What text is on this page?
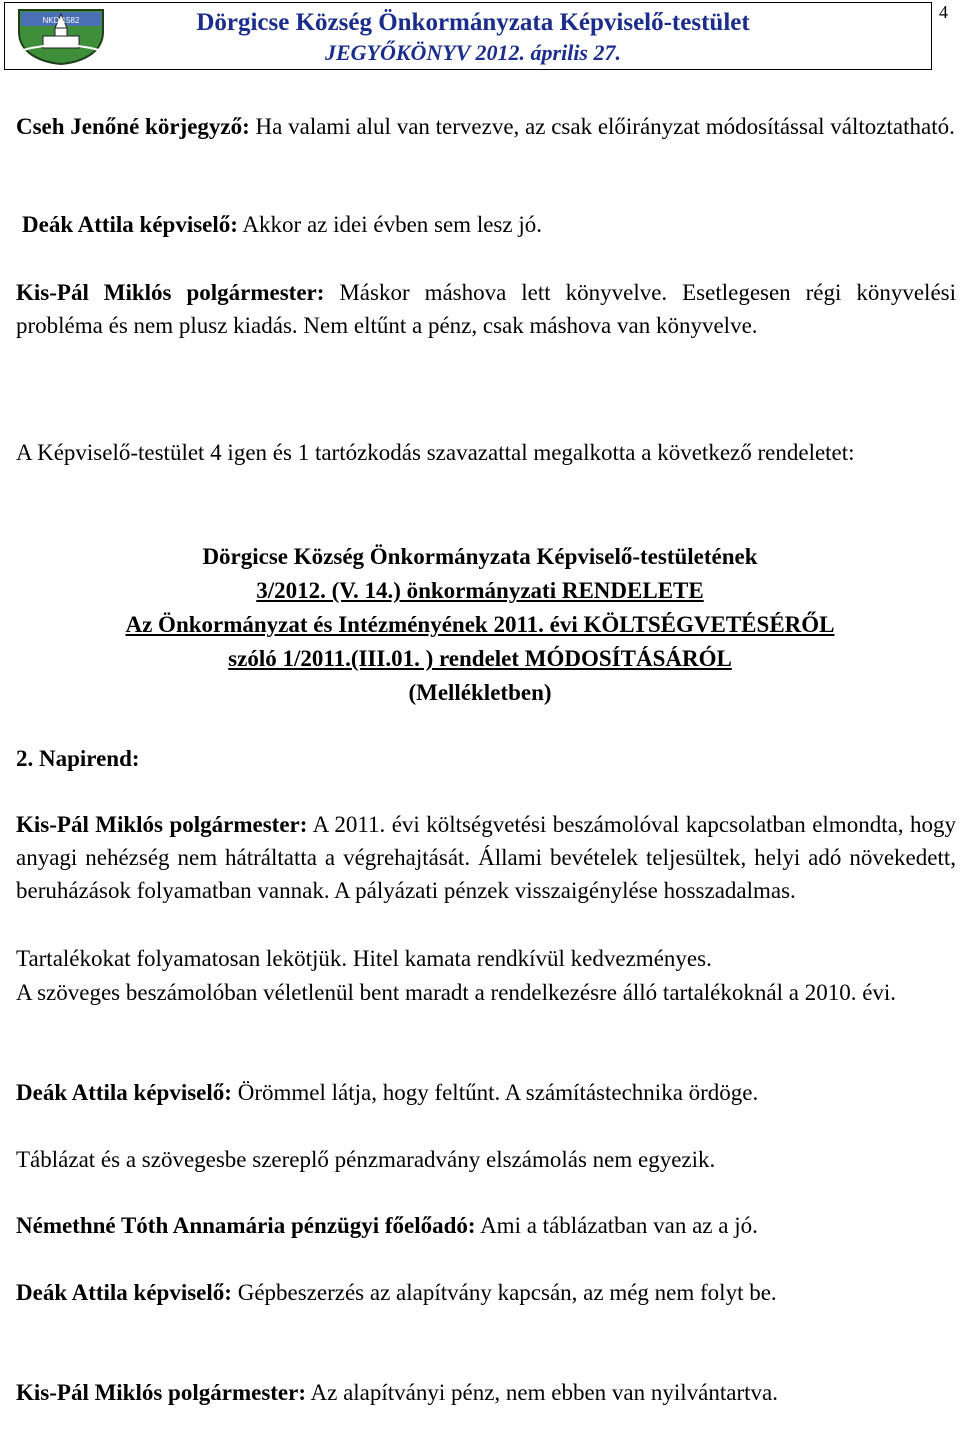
NKD 1582	Dörgicse Község Önkormányzata Képviselő-testület
JEGYŐKÖNYV 2012. április 27.
4

Cseh Jenőné körjegyző: Ha valami alul van tervezve, az csak előirányzat módosítással változtatható.

Deák Attila képviselő: Akkor az idei évben sem lesz jó.

Kis-Pál Miklós polgármester: Máskor máshova lett könyvelve. Esetlegesen régi könyvelési probléma és nem plusz kiadás. Nem eltűnt a pénz, csak máshova van könyvelve.

A Képviselő-testület 4 igen és 1 tartózkodás szavazattal megalkotta a következő rendeletet:

Dörgicse Község Önkormányzata Képviselő-testületének
3/2012. (V. 14.) önkormányzati RENDELETE
Az Önkormányzat és Intézményének 2011. évi KÖLTSÉGVETÉSÉRŐL
szóló 1/2011.(III.01. ) rendelet MÓDOSÍTÁSÁRÓL
(Mellékletben)
2. Napirend:

Kis-Pál Miklós polgármester: A 2011. évi költségvetési beszámolóval kapcsolatban elmondta, hogy anyagi nehézség nem hátráltatta a végrehajtását. Állami bevételek teljesültek, helyi adó növekedett, beruházások folyamatban vannak. A pályázati pénzek visszaigénylése hosszadalmas.

Tartalékokat folyamatosan lekötjük. Hitel kamata rendkívül kedvezményes.

A szöveges beszámolóban véletlenül bent maradt a rendelkezésre álló tartalékoknál a 2010. évi.

Deák Attila képviselő: Örömmel látja, hogy feltűnt. A számítástechnika ördöge.

Táblázat és a szövegesbe szereplő pénzmaradvány elszámolás nem egyezik.

Némethné Tóth Annamária pénzügyi főelőadó: Ami a táblázatban van az a jó.

Deák Attila képviselő: Gépbeszerzés az alapítvány kapcsán, az még nem folyt be.

Kis-Pál Miklós polgármester: Az alapítványi pénz, nem ebben van nyilvántartva.
